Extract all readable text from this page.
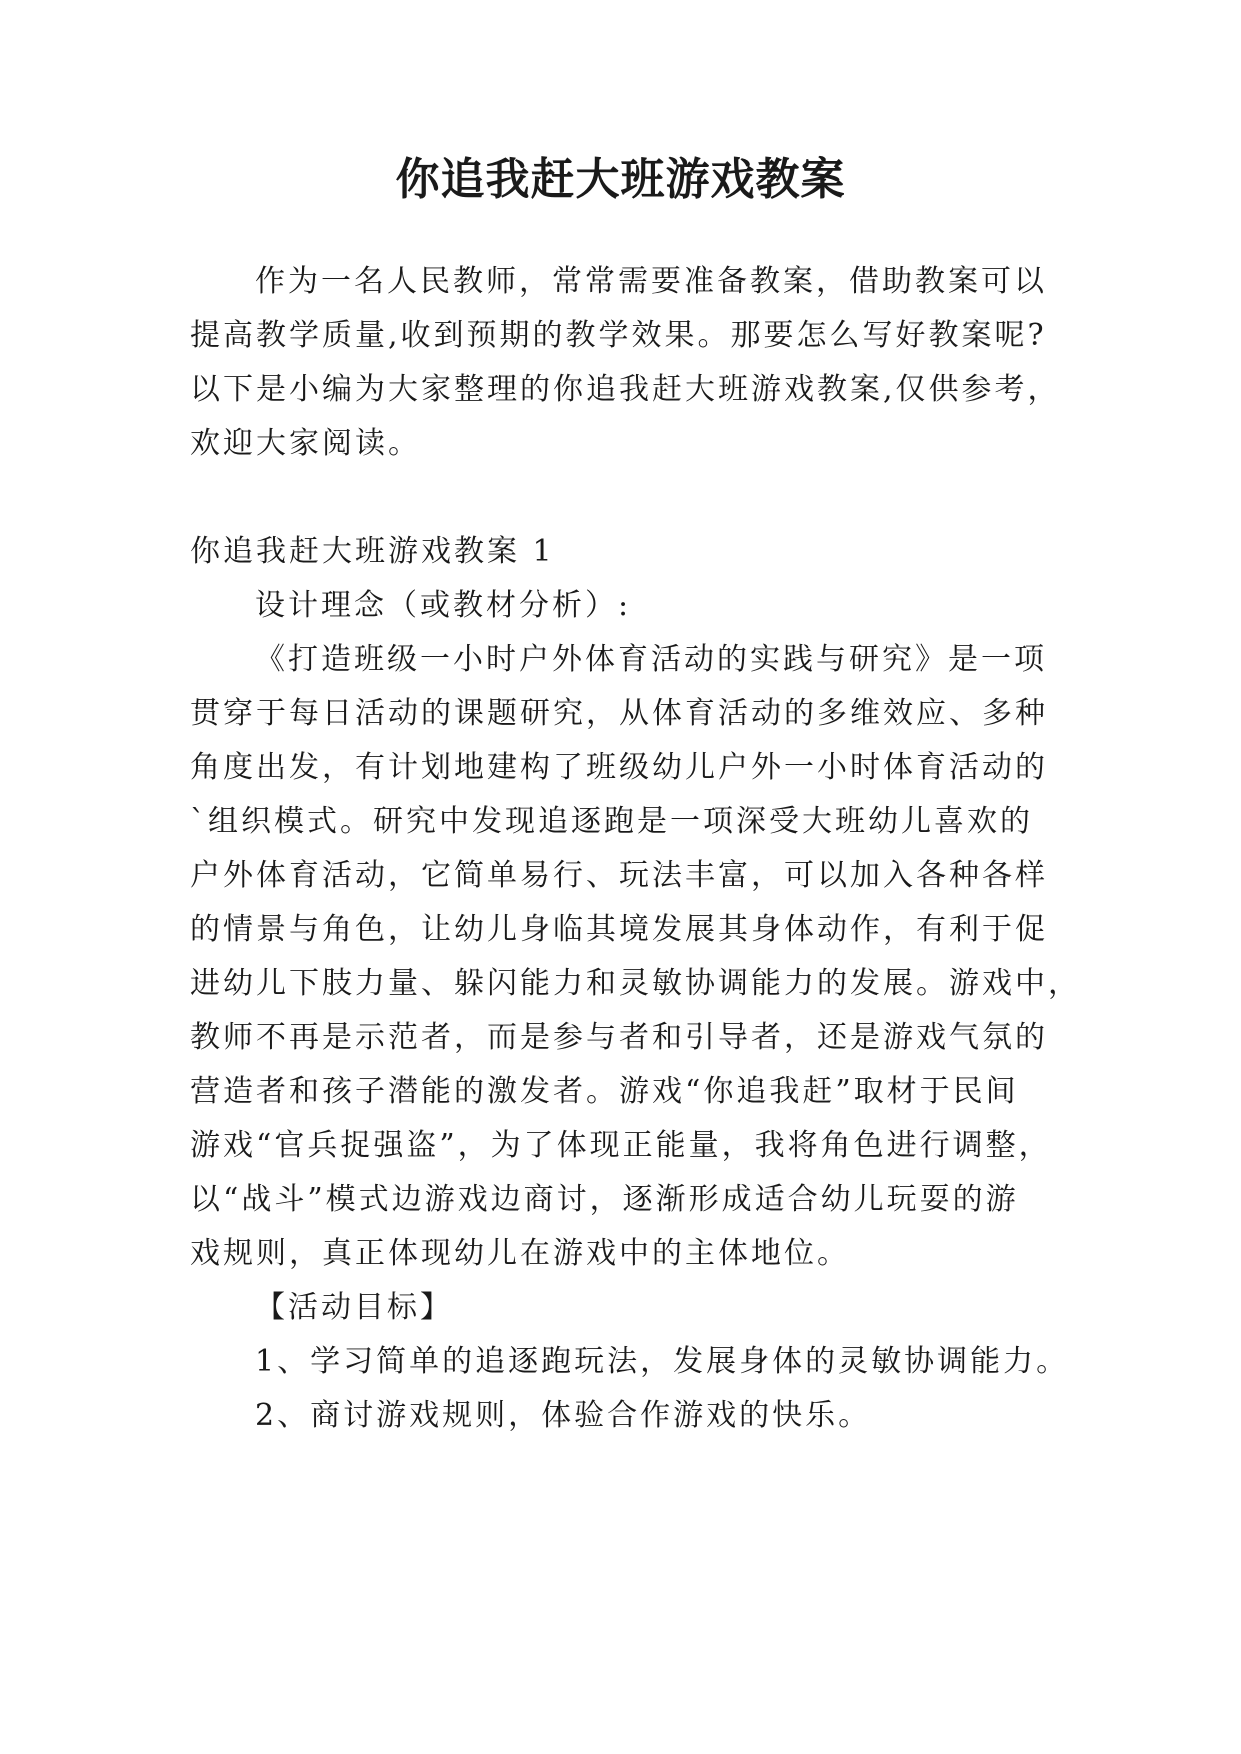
你追我赶大班游戏教案
作为一名人民教师，常常需要准备教案，借助教案可以
提高教学质量,收到预期的教学效果。那要怎么写好教案呢?
以下是小编为大家整理的你追我赶大班游戏教案,仅供参考，
欢迎大家阅读。
你追我赶大班游戏教案 1
设计理念（或教材分析）:
《打造班级一小时户外体育活动的实践与研究》是一项
贯穿于每日活动的课题研究，从体育活动的多维效应、多种
角度出发，有计划地建构了班级幼儿户外一小时体育活动的
`组织模式。研究中发现追逐跑是一项深受大班幼儿喜欢的
户外体育活动，它简单易行、玩法丰富，可以加入各种各样
的情景与角色，让幼儿身临其境发展其身体动作，有利于促
进幼儿下肢力量、躲闪能力和灵敏协调能力的发展。游戏中，
教师不再是示范者，而是参与者和引导者，还是游戏气氛的
营造者和孩子潜能的激发者。游戏“你追我赶”取材于民间
游戏“官兵捉强盗”，为了体现正能量，我将角色进行调整，
以“战斗”模式边游戏边商讨，逐渐形成适合幼儿玩耍的游
戏规则，真正体现幼儿在游戏中的主体地位。
【活动目标】
1、学习简单的追逐跑玩法，发展身体的灵敏协调能力。
2、商讨游戏规则，体验合作游戏的快乐。
